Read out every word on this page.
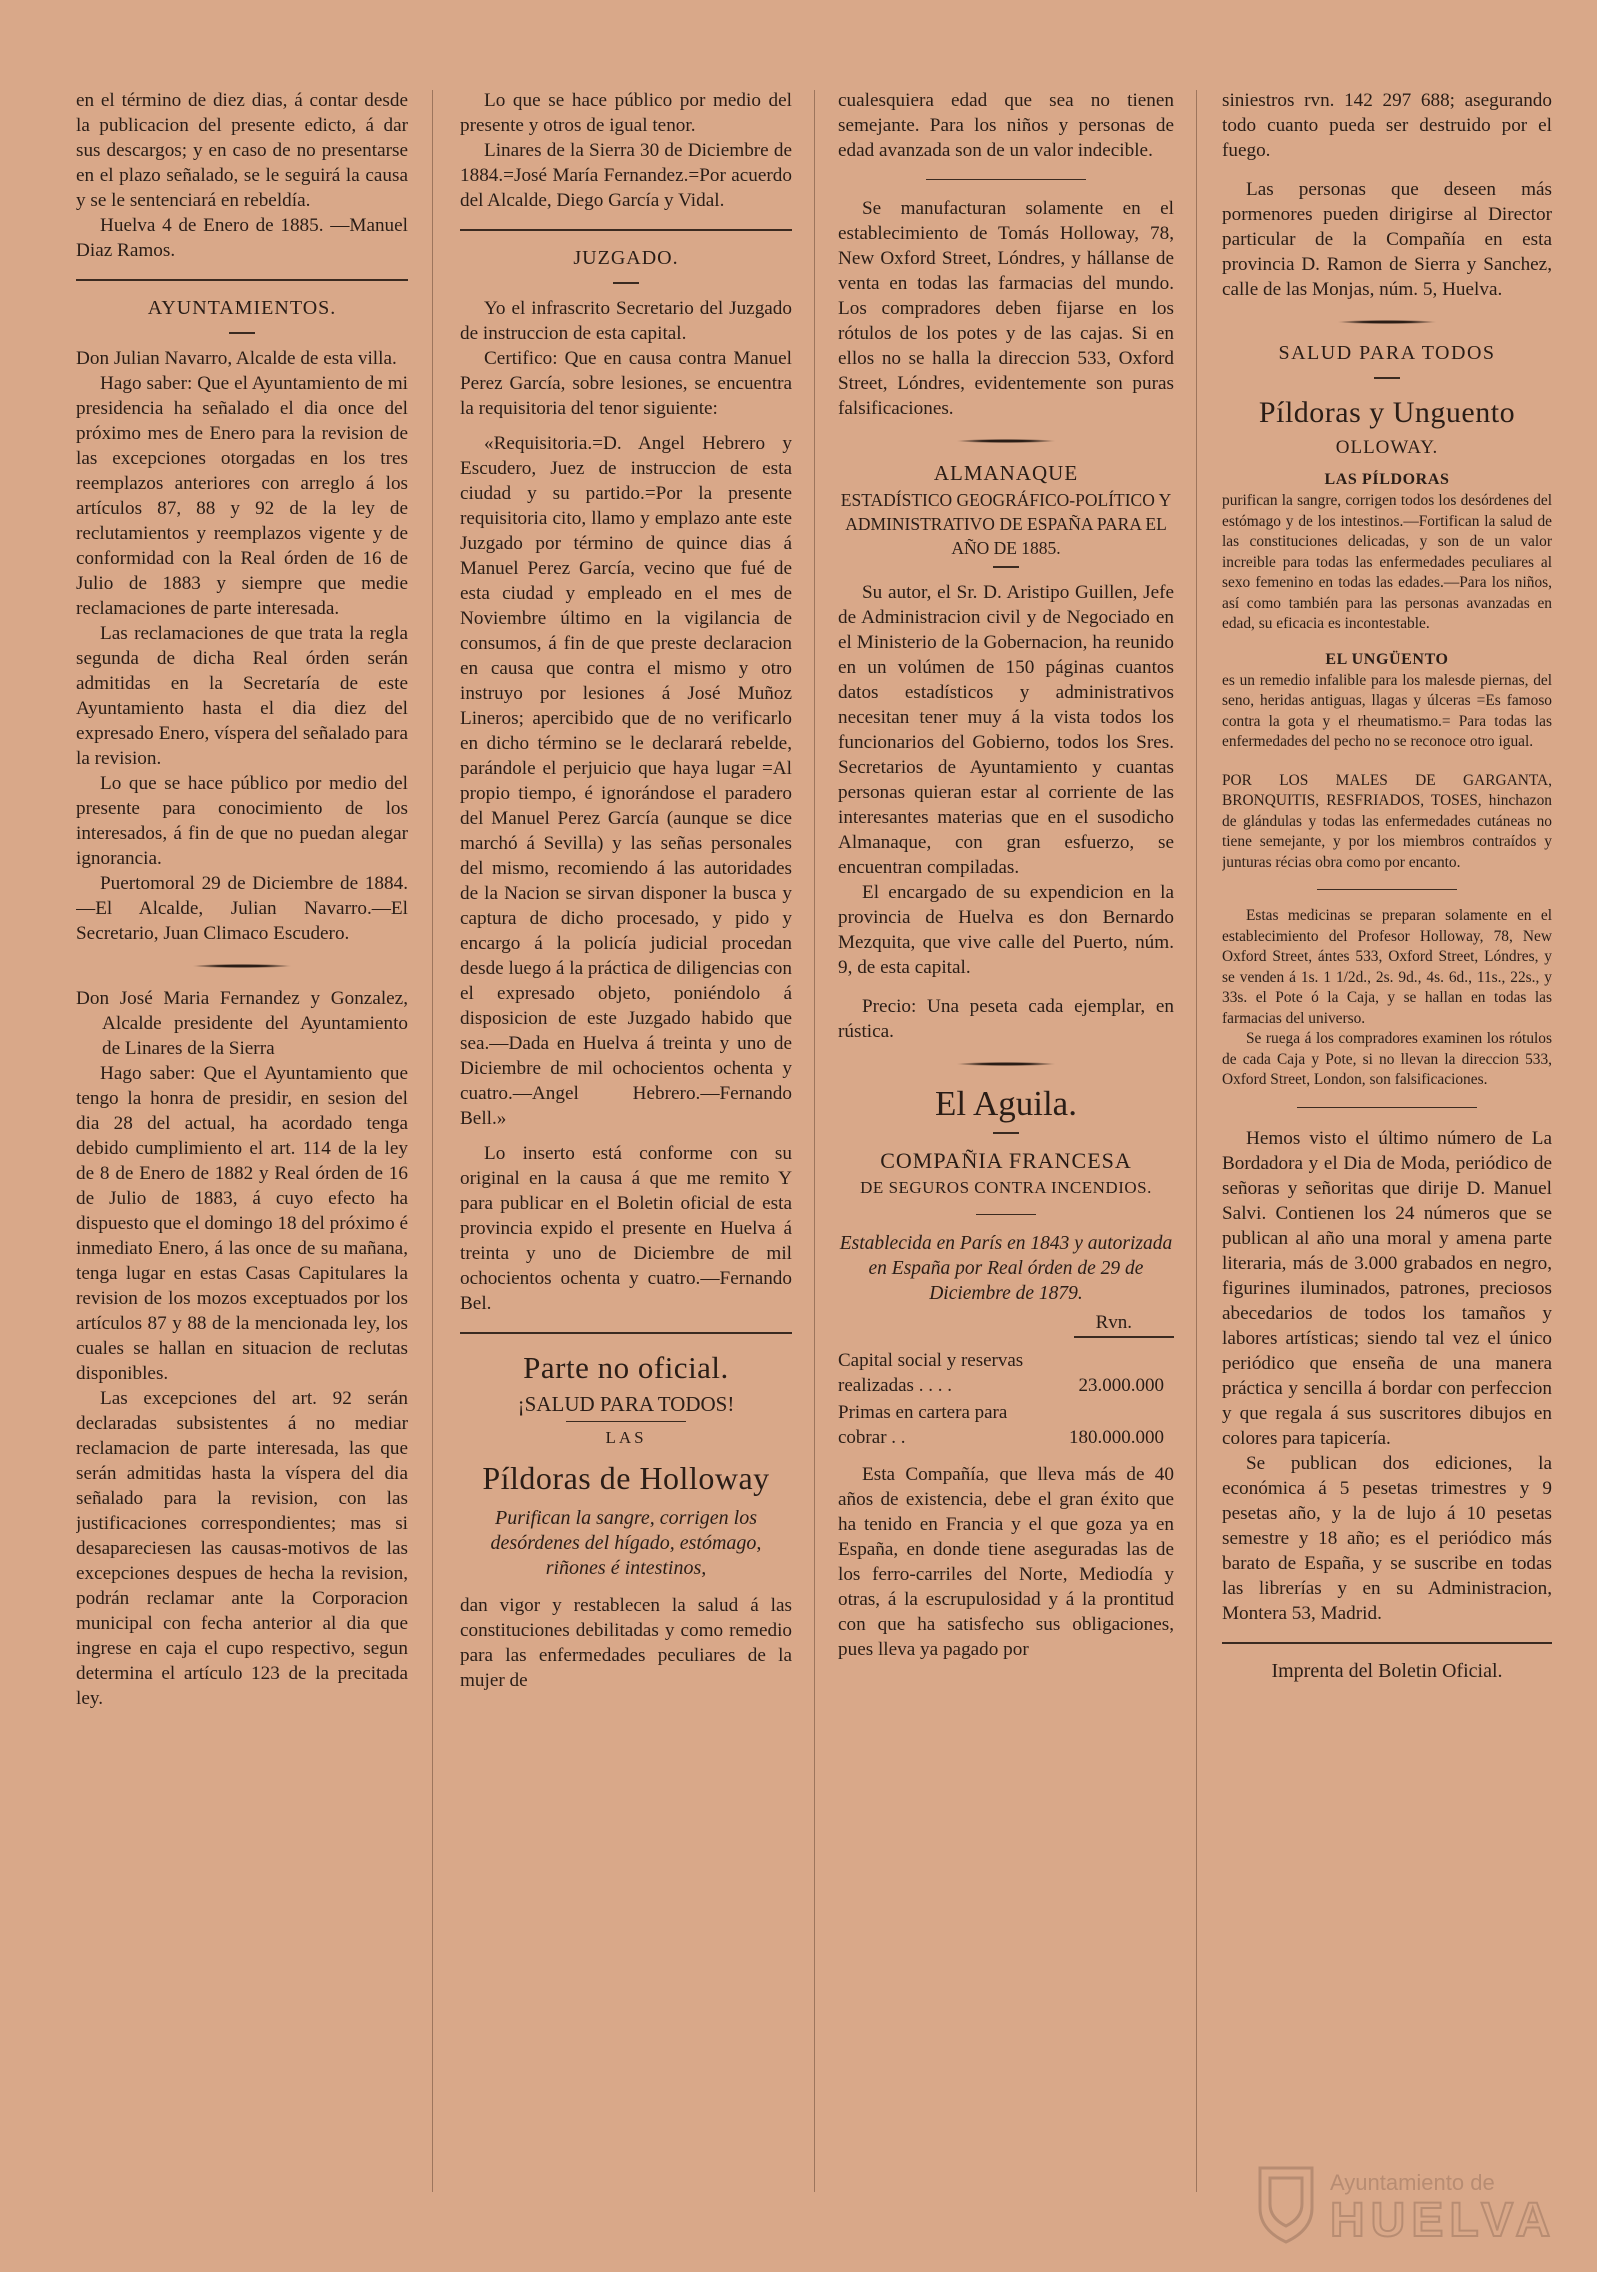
en el término de diez dias, á contar desde la publicacion del presente edicto, á dar sus descargos; y en caso de no presentarse en el plazo señalado, se le seguirá la causa y se le sentenciará en rebeldía.

Huelva 4 de Enero de 1885. —Manuel Diaz Ramos.

AYUNTAMIENTOS.

Don Julian Navarro, Alcalde de esta villa.

Hago saber: Que el Ayuntamiento de mi presidencia ha señalado el dia once del próximo mes de Enero para la revision de las excepciones otorgadas en los tres reemplazos anteriores con arreglo á los artículos 87, 88 y 92 de la ley de reclutamientos y reemplazos vigente y de conformidad con la Real órden de 16 de Julio de 1883 y siempre que medie reclamaciones de parte interesada.

Las reclamaciones de que trata la regla segunda de dicha Real órden serán admitidas en la Secretaría de este Ayuntamiento hasta el dia diez del expresado Enero, víspera del señalado para la revision.

Lo que se hace público por medio del presente para conocimiento de los interesados, á fin de que no puedan alegar ignorancia.

Puertomoral 29 de Diciembre de 1884.—El Alcalde, Julian Navarro.—El Secretario, Juan Climaco Escudero.

Don José Maria Fernandez y Gonzalez, Alcalde presidente del Ayuntamiento de Linares de la Sierra

Hago saber: Que el Ayuntamiento que tengo la honra de presidir, en sesion del dia 28 del actual, ha acordado tenga debido cumplimiento el art. 114 de la ley de 8 de Enero de 1882 y Real órden de 16 de Julio de 1883, á cuyo efecto ha dispuesto que el domingo 18 del próximo é inmediato Enero, á las once de su mañana, tenga lugar en estas Casas Capitulares la revision de los mozos exceptuados por los artículos 87 y 88 de la mencionada ley, los cuales se hallan en situacion de reclutas disponibles.

Las excepciones del art. 92 serán declaradas subsistentes á no mediar reclamacion de parte interesada, las que serán admitidas hasta la víspera del dia señalado para la revision, con las justificaciones correspondientes; mas si desapareciesen las causas-motivos de las excepciones despues de hecha la revision, podrán reclamar ante la Corporacion municipal con fecha anterior al dia que ingrese en caja el cupo respectivo, segun determina el artículo 123 de la precitada ley.

Lo que se hace público por medio del presente y otros de igual tenor.

Linares de la Sierra 30 de Diciembre de 1884.=José María Fernandez.=Por acuerdo del Alcalde, Diego García y Vidal.

JUZGADO.

Yo el infrascrito Secretario del Juzgado de instruccion de esta capital.

Certifico: Que en causa contra Manuel Perez García, sobre lesiones, se encuentra la requisitoria del tenor siguiente:

«Requisitoria.=D. Angel Hebrero y Escudero, Juez de instruccion de esta ciudad y su partido.=Por la presente requisitoria cito, llamo y emplazo ante este Juzgado por término de quince dias á Manuel Perez García, vecino que fué de esta ciudad y empleado en el mes de Noviembre último en la vigilancia de consumos, á fin de que preste declaracion en causa que contra el mismo y otro instruyo por lesiones á José Muñoz Lineros; apercibido que de no verificarlo en dicho término se le declarará rebelde, parándole el perjuicio que haya lugar =Al propio tiempo, é ignorándose el paradero del Manuel Perez García (aunque se dice marchó á Sevilla) y las señas personales del mismo, recomiendo á las autoridades de la Nacion se sirvan disponer la busca y captura de dicho procesado, y pido y encargo á la policía judicial procedan desde luego á la práctica de diligencias con el expresado objeto, poniéndolo á disposicion de este Juzgado habido que sea.—Dada en Huelva á treinta y uno de Diciembre de mil ochocientos ochenta y cuatro.—Angel Hebrero.—Fernando Bell.»

Lo inserto está conforme con su original en la causa á que me remito Y para publicar en el Boletin oficial de esta provincia expido el presente en Huelva á treinta y uno de Diciembre de mil ochocientos ochenta y cuatro.—Fernando Bel.

Parte no oficial.
¡SALUD PARA TODOS!
LAS
Píldoras de Holloway

Purifican la sangre, corrigen los desórdenes del hígado, estómago, riñones é intestinos,

dan vigor y restablecen la salud á las constituciones debilitadas y como remedio para las enfermedades peculiares de la mujer de

cualesquiera edad que sea no tienen semejante. Para los niños y personas de edad avanzada son de un valor indecible.

Se manufacturan solamente en el establecimiento de Tomás Holloway, 78, New Oxford Street, Lóndres, y hállanse de venta en todas las farmacias del mundo. Los compradores deben fijarse en los rótulos de los potes y de las cajas. Si en ellos no se halla la direccion 533, Oxford Street, Lóndres, evidentemente son puras falsificaciones.

ALMANAQUE

ESTADÍSTICO GEOGRÁFICO-POLÍTICO Y ADMINISTRATIVO DE ESPAÑA PARA EL AÑO DE 1885.

Su autor, el Sr. D. Aristipo Guillen, Jefe de Administracion civil y de Negociado en el Ministerio de la Gobernacion, ha reunido en un volúmen de 150 páginas cuantos datos estadísticos y administrativos necesitan tener muy á la vista todos los funcionarios del Gobierno, todos los Sres. Secretarios de Ayuntamiento y cuantas personas quieran estar al corriente de las interesantes materias que en el susodicho Almanaque, con gran esfuerzo, se encuentran compiladas.

El encargado de su expendicion en la provincia de Huelva es don Bernardo Mezquita, que vive calle del Puerto, núm. 9, de esta capital.

Precio: Una peseta cada ejemplar, en rústica.

El Aguila.
COMPAÑIA FRANCESA
DE SEGUROS CONTRA INCENDIOS.

Establecida en París en 1843 y autorizada en España por Real órden de 29 de Diciembre de 1879.

Rvn.
Capital social y reservas realizadas . . . .	23.000.000
Primas en cartera para cobrar . .	180.000.000

Esta Compañía, que lleva más de 40 años de existencia, debe el gran éxito que ha tenido en Francia y el que goza ya en España, en donde tiene aseguradas las de los ferro-carriles del Norte, Mediodía y otras, á la escrupulosidad y á la prontitud con que ha satisfecho sus obligaciones, pues lleva ya pagado por

siniestros rvn. 142 297 688; asegurando todo cuanto pueda ser destruido por el fuego.

Las personas que deseen más pormenores pueden dirigirse al Director particular de la Compañía en esta provincia D. Ramon de Sierra y Sanchez, calle de las Monjas, núm. 5, Huelva.

SALUD PARA TODOS
Píldoras y Unguento
OLLOWAY.
LAS PÍLDORAS

purifican la sangre, corrigen todos los desórdenes del estómago y de los intestinos.—Fortifican la salud de las constituciones delicadas, y son de un valor increible para todas las enfermedades peculiares al sexo femenino en todas las edades.—Para los niños, así como también para las personas avanzadas en edad, su eficacia es incontestable.

EL UNGÜENTO

es un remedio infalible para los malesde piernas, del seno, heridas antiguas, llagas y úlceras =Es famoso contra la gota y el rheumatismo.= Para todas las enfermedades del pecho no se reconoce otro igual.

POR LOS MALES DE GARGANTA, BRONQUITIS, RESFRIADOS, TOSES, hinchazon de glándulas y todas las enfermedades cutáneas no tiene semejante, y por los miembros contraídos y junturas récias obra como por encanto.

Estas medicinas se preparan solamente en el establecimiento del Profesor Holloway, 78, New Oxford Street, ántes 533, Oxford Street, Lóndres, y se venden á 1s. 1 1/2d., 2s. 9d., 4s. 6d., 11s., 22s., y 33s. el Pote ó la Caja, y se hallan en todas las farmacias del universo.

Se ruega á los compradores examinen los rótulos de cada Caja y Pote, si no llevan la direccion 533, Oxford Street, London, son falsificaciones.

Hemos visto el último número de La Bordadora y el Dia de Moda, periódico de señoras y señoritas que dirije D. Manuel Salvi. Contienen los 24 números que se publican al año una moral y amena parte literaria, más de 3.000 grabados en negro, figurines iluminados, patrones, preciosos abecedarios de todos los tamaños y labores artísticas; siendo tal vez el único periódico que enseña de una manera práctica y sencilla á bordar con perfeccion y que regala á sus suscritores dibujos en colores para tapicería.

Se publican dos ediciones, la económica á 5 pesetas trimestres y 9 pesetas año, y la de lujo á 10 pesetas semestre y 18 año; es el periódico más barato de España, y se suscribe en todas las librerías y en su Administracion, Montera 53, Madrid.

Imprenta del Boletin Oficial.
Ayuntamiento de
HUELVA
